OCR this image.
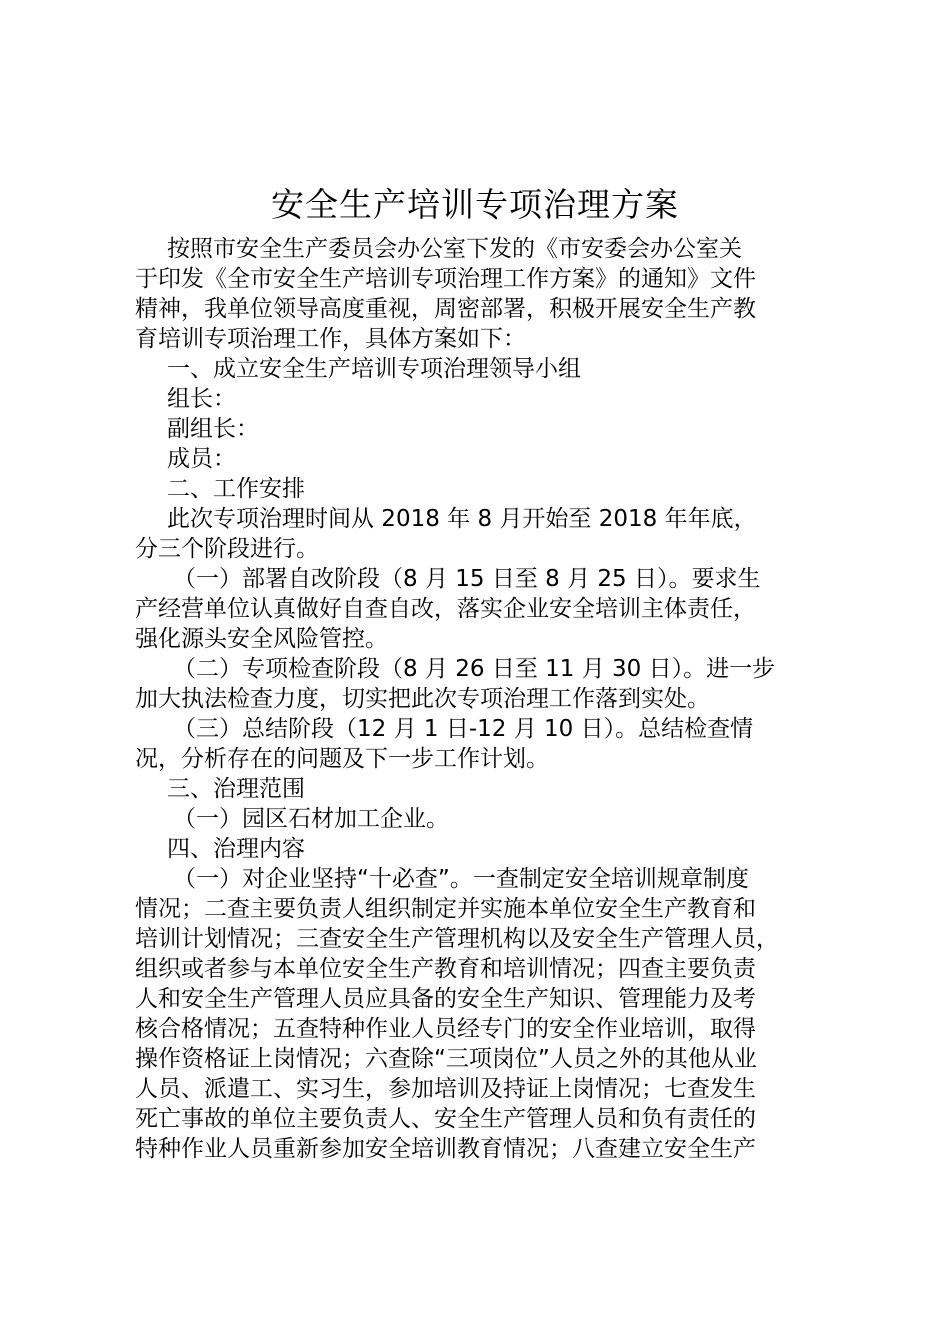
安全生产培训专项治理方案
按照市安全生产委员会办公室下发的《市安委会办公室关
于印发《全市安全生产培训专项治理工作方案》的通知》文件
精神，我单位领导高度重视，周密部署，积极开展安全生产教
育培训专项治理工作，具体方案如下：
一、成立安全生产培训专项治理领导小组
组长：
副组长：
成员：
二、工作安排
此次专项治理时间从 2018 年 8 月开始至 2018 年年底，
分三个阶段进行。
（一）部署自改阶段（8 月 15 日至 8 月 25 日）。要求生
产经营单位认真做好自查自改，落实企业安全培训主体责任，
强化源头安全风险管控。
（二）专项检查阶段（8 月 26 日至 11 月 30 日）。进一步
加大执法检查力度，切实把此次专项治理工作落到实处。
（三）总结阶段（12 月 1 日-12 月 10 日）。总结检查情
况，分析存在的问题及下一步工作计划。
三、治理范围
（一）园区石材加工企业。
四、治理内容
（一）对企业坚持“十必查”。一查制定安全培训规章制度
情况；二查主要负责人组织制定并实施本单位安全生产教育和
培训计划情况；三查安全生产管理机构以及安全生产管理人员，
组织或者参与本单位安全生产教育和培训情况；四查主要负责
人和安全生产管理人员应具备的安全生产知识、管理能力及考
核合格情况；五查特种作业人员经专门的安全作业培训，取得
操作资格证上岗情况；六查除“三项岗位”人员之外的其他从业
人员、派遣工、实习生，参加培训及持证上岗情况；七查发生
死亡事故的单位主要负责人、安全生产管理人员和负有责任的
特种作业人员重新参加安全培训教育情况；八查建立安全生产
